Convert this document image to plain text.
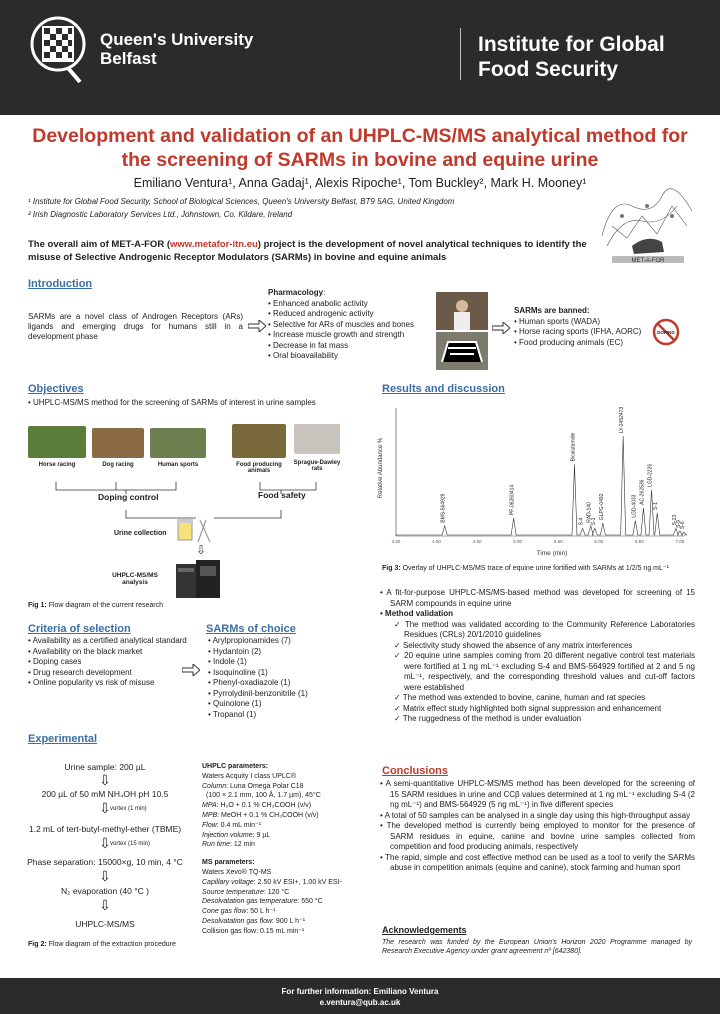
Queen's University
Belfast
Institute for Global
Food Security
Development and validation of an UHPLC-MS/MS analytical method for
the screening of SARMs in bovine and equine urine
Emiliano Ventura¹, Anna Gadaj¹, Alexis Ripoche¹, Tom Buckley², Mark H. Mooney¹
¹ Institute for Global Food Security, School of Biological Sciences, Queen's University Belfast, BT9 5AG, United Kingdom
² Irish Diagnostic Laboratory Services Ltd., Johnstown, Co. Kildare, Ireland
MET-A-FOR
The overall aim of MET-A-FOR (www.metafor-itn.eu) project is the development of novel analytical techniques to identify the misuse of Selective Androgenic Receptor Modulators (SARMs) in bovine and equine animals
Introduction
SARMs are a novel class of Androgen Receptors (ARs) ligands and emerging drugs for humans still in a development phase
Pharmacology:
• Enhanced anabolic activity
• Reduced androgenic activity
• Selective for ARs of muscles and bones
• Increase muscle growth and strength
• Decrease in fat mass
• Oral bioavailability
SARMs are banned:
• Human sports (WADA)
• Horse racing sports (IFHA, AORC)
• Food producing animals (EC)
DOPING
Objectives
• UHPLC-MS/MS method for the screening of SARMs of interest in urine samples
Horse racing	Dog racing	Human sports	Food producing animals
Sprague-Dawley rats
⇩
Doping control	Food safety
Urine collection
UHPLC-MS/MS
analysis
Fig 1: Flow diagram of the current research
Criteria of selection
• Availability as a certified analytical standard
• Availability on the black market
• Doping cases
• Drug research development
• Online popularity vs risk of misuse
SARMs of choice
• Arylpropionamides (7)
• Hydantoin (2)
• Indole (1)
• Isoquinoline (1)
• Phenyl-oxadiazole (1)
• Pyrrolydinil-benzonitrile (1)
• Quinolone (1)
• Tropanol (1)
Experimental
Urine sample: 200 µL
⇩
200 µL of 50 mM NH₄OH pH 10.5
⇩ vortex (1 min)
1.2 mL of tert-butyl-methyl-ether (TBME)
⇩ vortex (15 min)
Phase separation: 15000×g, 10 min, 4 °C
⇩
N₂ evaporation (40 °C )
⇩
UHPLC-MS/MS
Fig 2: Flow diagram of the extraction procedure
UHPLC parameters:
Waters Acquity I class UPLC®
Column: Luna Omega Polar C18
(100 × 2.1 mm, 100 Å, 1.7 µm), 45°C
MPA: H₂O + 0.1 % CH₃COOH (v/v)
MPB: MeOH + 0.1 % CH₃COOH (v/v)
Flow: 0.4 mL min⁻¹
Injection volume: 9 µL
Run time: 12 min
MS parameters:
Waters Xevo® TQ-MS
Capillary voltage: 2.50 kV ESI+, 1.00 kV ESI-
Source temperature: 120 °C
Desolvatation gas temperature: 550 °C
Cone gas flow: 50 L h⁻¹
Desolvatation gas flow: 900 L h⁻¹
Collision gas flow: 0.15 mL min⁻¹
Results and discussion
3.50	4.00	4.50	5.00	5.50	6.00	6.50	7.00
BMS-564929	PF-06260414
Bicalutamide
S-4 RAD-140
S-1
GLPG-0492
LY-2452473
LGD-4033
AC-262536
LGD-2226
S-1
S-23
S-9
S-6
Relative Abundance %
Time (min)
Fig 3: Overlay of UHPLC-MS/MS trace of equine urine fortified with SARMs at 1/2/5 ng mL⁻¹
• A fit-for-purpose UHPLC-MS/MS-based method was developed for screening of 15 SARM compounds in equine urine
• Method validation
✓ The method was validated according to the Community Reference Laboratories Residues (CRLs) 20/1/2010 guidelines
✓ Selectivity study showed the absence of any matrix interferences
✓ 20 equine urine samples coming from 20 different negative control test materials were fortified at 1 ng mL⁻¹ excluding S-4 and BMS-564929 fortified at 2 and 5 ng mL⁻¹, respectively, and the corresponding threshold values and cut-off factors were established
✓ The method was extended to bovine, canine, human and rat species
✓ Matrix effect study highlighted both signal suppression and enhancement
✓ The ruggedness of the method is under evaluation
Conclusions
• A semi-quantitative UHPLC-MS/MS method has been developed for the screening of 15 SARM residues in urine and CCβ values determined at 1 ng mL⁻¹ excluding S-4 (2 ng mL⁻¹) and BMS-564929 (5 ng mL⁻¹) in five different species
• A total of 50 samples can be analysed in a single day using this high-throughput assay
• The developed method is currently being employed to monitor for the presence of SARM residues in equine, canine and bovine urine samples collected from competition and food producing animals, respectively
• The rapid, simple and cost effective method can be used as a tool to verify the SARMs abuse in competition animals (equine and canine), stock farming and human sport
Acknowledgements
The research was funded by the European Union's Horizon 2020 Programme managed by Research Executive Agency under grant agreement nº [642380].
For further information: Emiliano Ventura
e.ventura@qub.ac.uk
